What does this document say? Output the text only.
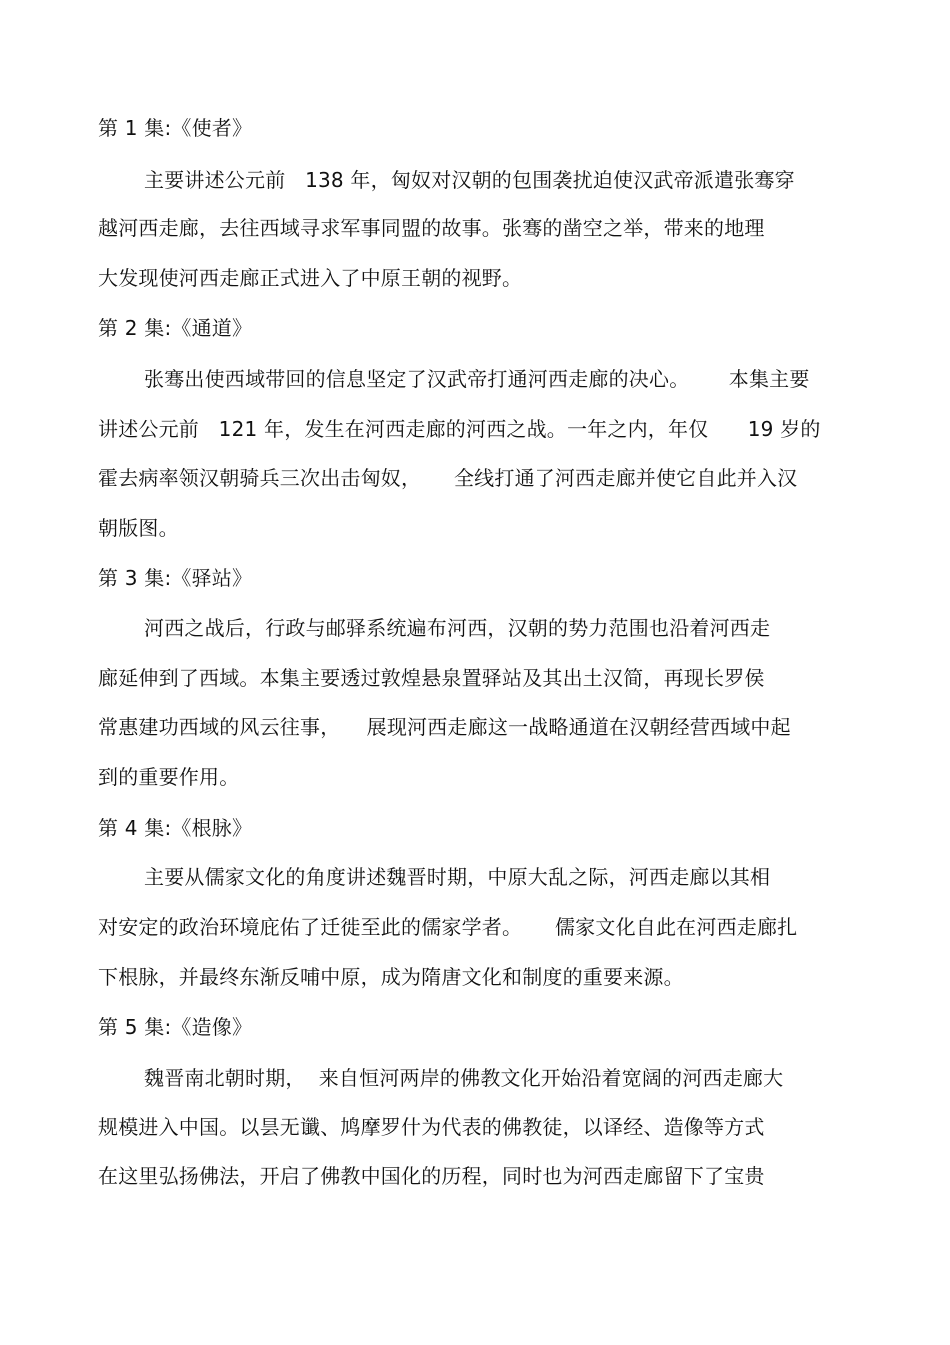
第 1 集:《使者》
主要讲述公元前   138 年，匈奴对汉朝的包围袭扰迫使汉武帝派遣张骞穿
越河西走廊，去往西域寻求军事同盟的故事。张骞的凿空之举，带来的地理
大发现使河西走廊正式进入了中原王朝的视野。
第 2 集:《通道》
张骞出使西域带回的信息坚定了汉武帝打通河西走廊的决心。      本集主要
讲述公元前   121 年，发生在河西走廊的河西之战。一年之内，年仅      19 岁的
霍去病率领汉朝骑兵三次出击匈奴，     全线打通了河西走廊并使它自此并入汉
朝版图。
第 3 集:《驿站》
河西之战后，行政与邮驿系统遍布河西，汉朝的势力范围也沿着河西走
廊延伸到了西域。本集主要透过敦煌悬泉置驿站及其出土汉简，再现长罗侯
常惠建功西域的风云往事，    展现河西走廊这一战略通道在汉朝经营西域中起
到的重要作用。
第 4 集:《根脉》
主要从儒家文化的角度讲述魏晋时期，中原大乱之际，河西走廊以其相
对安定的政治环境庇佑了迁徙至此的儒家学者。     儒家文化自此在河西走廊扎
下根脉，并最终东渐反哺中原，成为隋唐文化和制度的重要来源。
第 5 集:《造像》
魏晋南北朝时期，  来自恒河两岸的佛教文化开始沿着宽阔的河西走廊大
规模进入中国。以昙无谶、鸠摩罗什为代表的佛教徒，以译经、造像等方式
在这里弘扬佛法，开启了佛教中国化的历程，同时也为河西走廊留下了宝贵
